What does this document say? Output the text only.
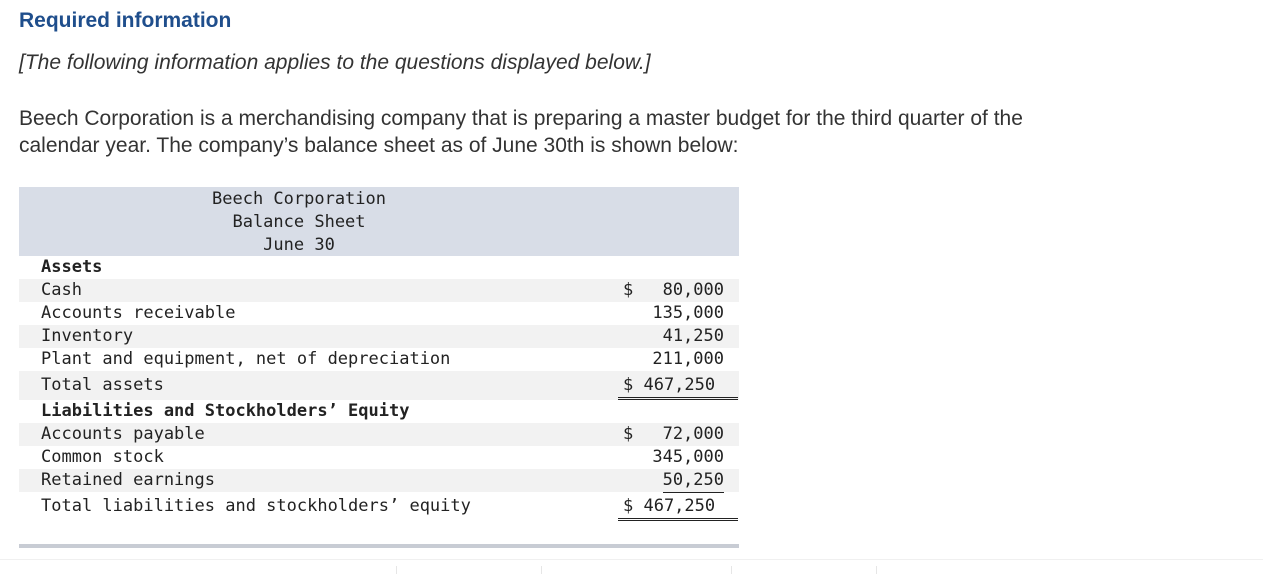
Required information
[The following information applies to the questions displayed below.]
Beech Corporation is a merchandising company that is preparing a master budget for the third quarter of the
calendar year. The company’s balance sheet as of June 30th is shown below:
Beech Corporation
Balance Sheet
June 30
Assets
Cash	$ 80,000
Accounts receivable	135,000
Inventory	41,250
Plant and equipment, net of depreciation	211,000
Total assets	$ 467,250
Liabilities and Stockholders’ Equity
Accounts payable	$ 72,000
Common stock	345,000
Retained earnings	50,250
Total liabilities and stockholders’ equity	$ 467,250
